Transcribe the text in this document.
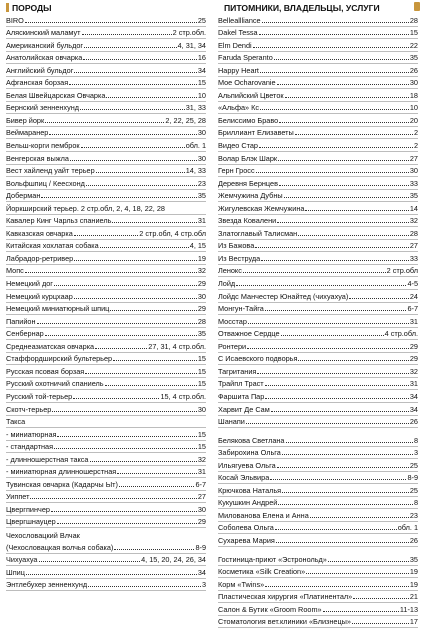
ПОРОДЫ
BIRO	25
Аляскинский маламут	2 стр.обл.
Американский бульдог	4, 31, 34
Анатолийская овчарка	16
Английский бульдог	34
Афганская борзая	15
Белая Швейцарская Овчарка	10
Бернский зенненхунд	31, 33
Бивер йорк	2, 22, 25, 28
Веймаранер	30
Вельш-корги пемброк	обл. 1
Венгерская выжла	30
Вест хайленд уайт терьер	14, 33
Вольфшпиц / Кеесхонд	23
Доберман	35
Йоркширский терьер. 2 стр.обл, 2, 4, 18, 22, 28
Кавалер Кинг Чарльз спаниель	31
Кавказская овчарка	2 стр.обл, 4 стр.обл
Китайская хохлатая собака	4, 15
Лабрадор-ретривер	19
Мопс	32
Немецкий дог	29
Немецкий курцхаар	30
Немецкий миниатюрный шпиц	29
Папийон	28
Сенбернар	35
Среднеазиатская овчарка	27, 31, 4 стр.обл.
Стаффордширский бультерьер	15
Русская псовая борзая	15
Русский охотничий спаниель	15
Русский той-терьер	15, 4 стр.обл.
Скотч-терьер	30
Такса
- миниатюрная	15
- стандартная	15
- длинношерстная такса	32
- миниатюрная длинношерстная	31
Тувинская овчарка (Кадарчы Ыт)	6-7
Уиппет	27
Цвергпинчер	30
Цвергшнауцер	29
Чехословацкий Влчак
(Чехословацкая волчья собака)	8-9
Чихуахуа	4, 15, 20, 24, 26, 34
Шпиц	34
Энтлебухер зенненхунд	3
ПИТОМНИКИ, ВЛАДЕЛЬЦЫ, УСЛУГИ
Belleallliance	28
Dakel Tessa	15
Elm Dendi	22
Faruda Speranto	35
Happy Heart	26
Moe Ocharovanie	30
Альпийский Цветок	18
«Альфа» Кс	10
Белиссимо Браво	20
Бриллиант Елизаветы	2
Видео Стар	2
Волар Блэк Шарк	27
Герн Гросс	30
Деревня Бернцев	33
Жемчужина Дубны	35
Жигулевская Жемчужина	14
Звезда Ковалени	32
Златоглавый Талисман	28
Из Бажова	27
Из Веструда	33
Ленокс	2 стр.обл
Лойд	4-5
Лойдс Манчестер Юнайтед (чихуахуа)	24
Монгун-Тайга	6-7
Мосстар	31
Отважное Сердце	4 стр.обл.
Ронтери	29
С Исаевского подворья	29
Тагритания	32
Трайпл Траст	31
Фаршита Пар	34
Харвит Де Сам	34
Шанапи	26
Белякова Светлана	8
Забирохина Ольга	3
Ильягуева Ольга	25
Косай Эльвира	8-9
Крючкова Наталья	25
Кукушкин Андрей	8
Милованова Елена и Анна	23
Соболева Ольга	обл. 1
Сухарева Мария	26
Гостиница-приют «Эстронольд»	35
Косметика «Silk Creation»	19
Корм «Twins»	19
Пластическая хирургия «Платинентал»	21
Салон & Бутик «Groom Room»	11-13
Стоматология вет.клиники «Близнецы»	17
